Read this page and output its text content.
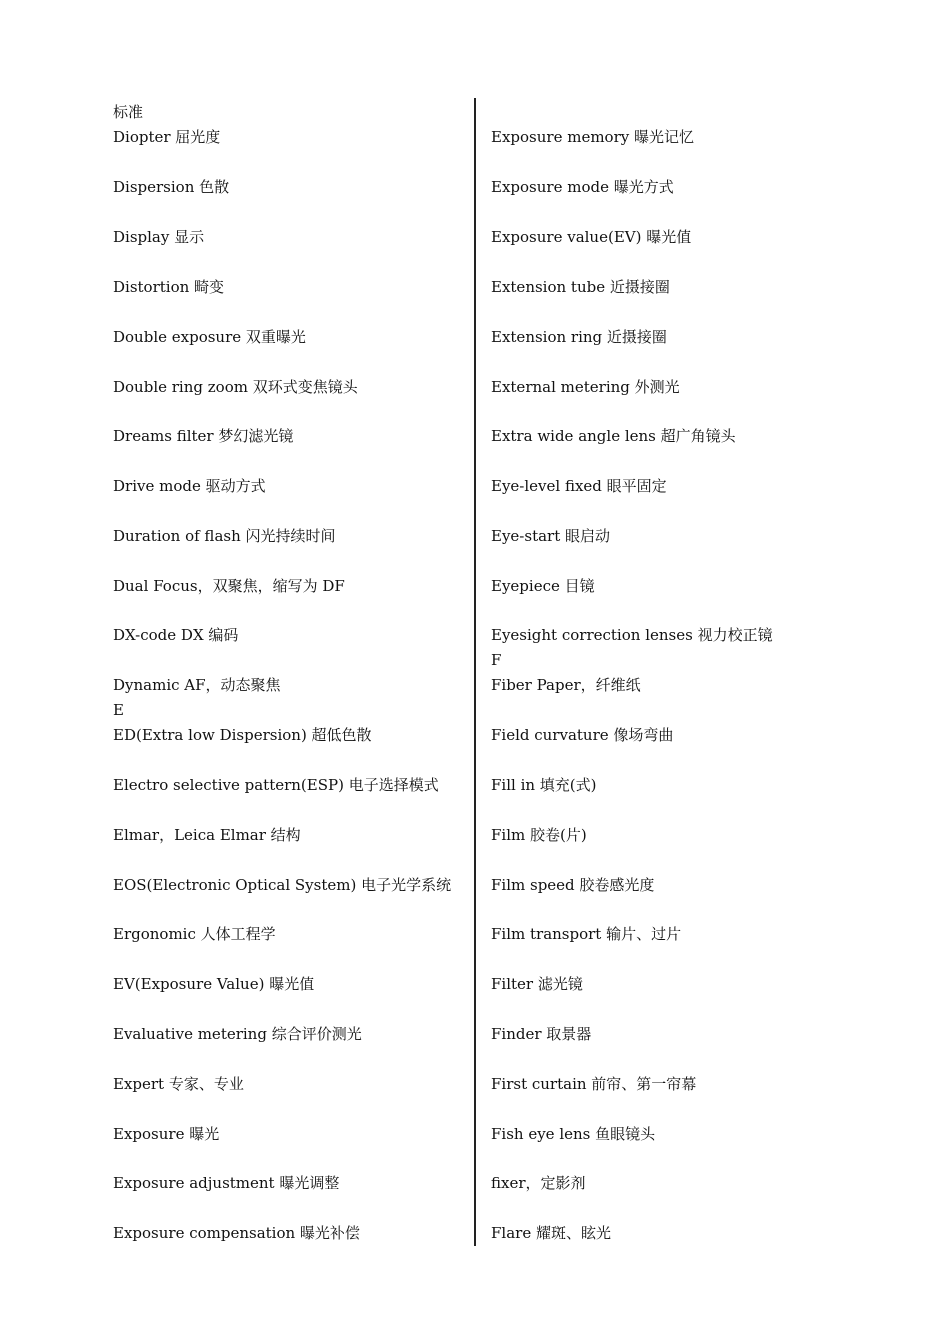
标准
Diopter 屈光度
Dispersion 色散
Display 显示
Distortion 畸变
Double exposure 双重曝光
Double ring zoom 双环式变焦镜头
Dreams filter 梦幻滤光镜
Drive mode 驱动方式
Duration of flash 闪光持续时间
Dual Focus，双聚焦，缩写为 DF
DX-code DX 编码
Dynamic AF，动态聚焦
E
ED(Extra low Dispersion) 超低色散
Electro selective pattern(ESP) 电子选择模式
Elmar，Leica Elmar 结构
EOS(Electronic Optical System) 电子光学系统
Ergonomic 人体工程学
EV(Exposure Value) 曝光值
Evaluative metering 综合评价测光
Expert 专家、专业
Exposure 曝光
Exposure adjustment 曝光调整
Exposure compensation 曝光补偿
Exposure memory 曝光记忆
Exposure mode 曝光方式
Exposure value(EV) 曝光值
Extension tube 近摄接圈
Extension ring 近摄接圈
External metering 外测光
Extra wide angle lens 超广角镜头
Eye-level fixed 眼平固定
Eye-start 眼启动
Eyepiece 目镜
Eyesight correction lenses 视力校正镜
F
Fiber Paper，纤维纸
Field curvature 像场弯曲
Fill in 填充(式)
Film 胶卷(片)
Film speed 胶卷感光度
Film transport 输片、过片
Filter 滤光镜
Finder 取景器
First curtain 前帘、第一帘幕
Fish eye lens 鱼眼镜头
fixer，定影剂
Flare 耀斑、眩光
